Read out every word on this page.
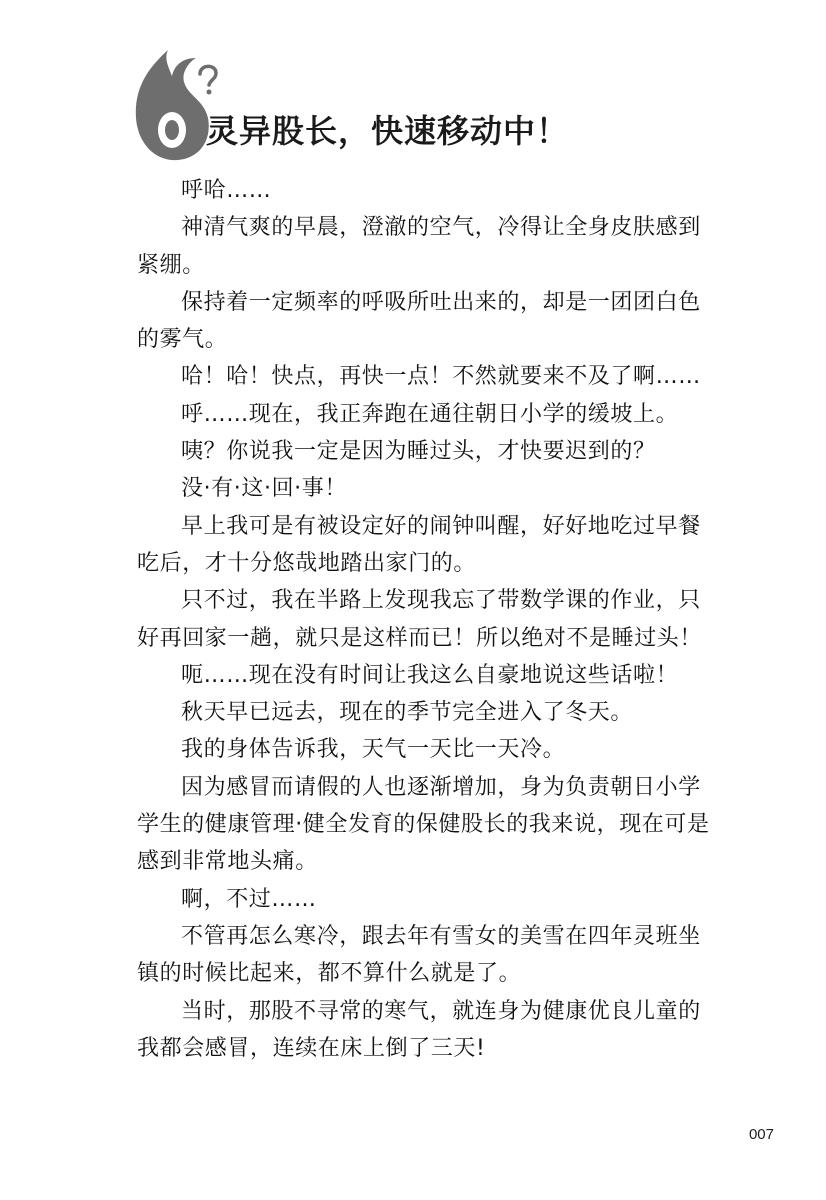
灵异股长，快速移动中！

呼哈……

神清气爽的早晨，澄澈的空气，冷得让全身皮肤感到紧绷。

保持着一定频率的呼吸所吐出来的，却是一团团白色的雾气。

哈！哈！快点，再快一点！不然就要来不及了啊……

呼……现在，我正奔跑在通往朝日小学的缓坡上。

咦？你说我一定是因为睡过头，才快要迟到的？

没·有·这·回·事！

早上我可是有被设定好的闹钟叫醒，好好地吃过早餐吃后，才十分悠哉地踏出家门的。

只不过，我在半路上发现我忘了带数学课的作业，只好再回家一趟，就只是这样而已！所以绝对不是睡过头！

呃……现在没有时间让我这么自豪地说这些话啦！

秋天早已远去，现在的季节完全进入了冬天。

我的身体告诉我，天气一天比一天冷。

因为感冒而请假的人也逐渐增加，身为负责朝日小学学生的健康管理·健全发育的保健股长的我来说，现在可是感到非常地头痛。

啊，不过……

不管再怎么寒冷，跟去年有雪女的美雪在四年灵班坐镇的时候比起来，都不算什么就是了。

当时，那股不寻常的寒气，就连身为健康优良儿童的我都会感冒，连续在床上倒了三天!

007
